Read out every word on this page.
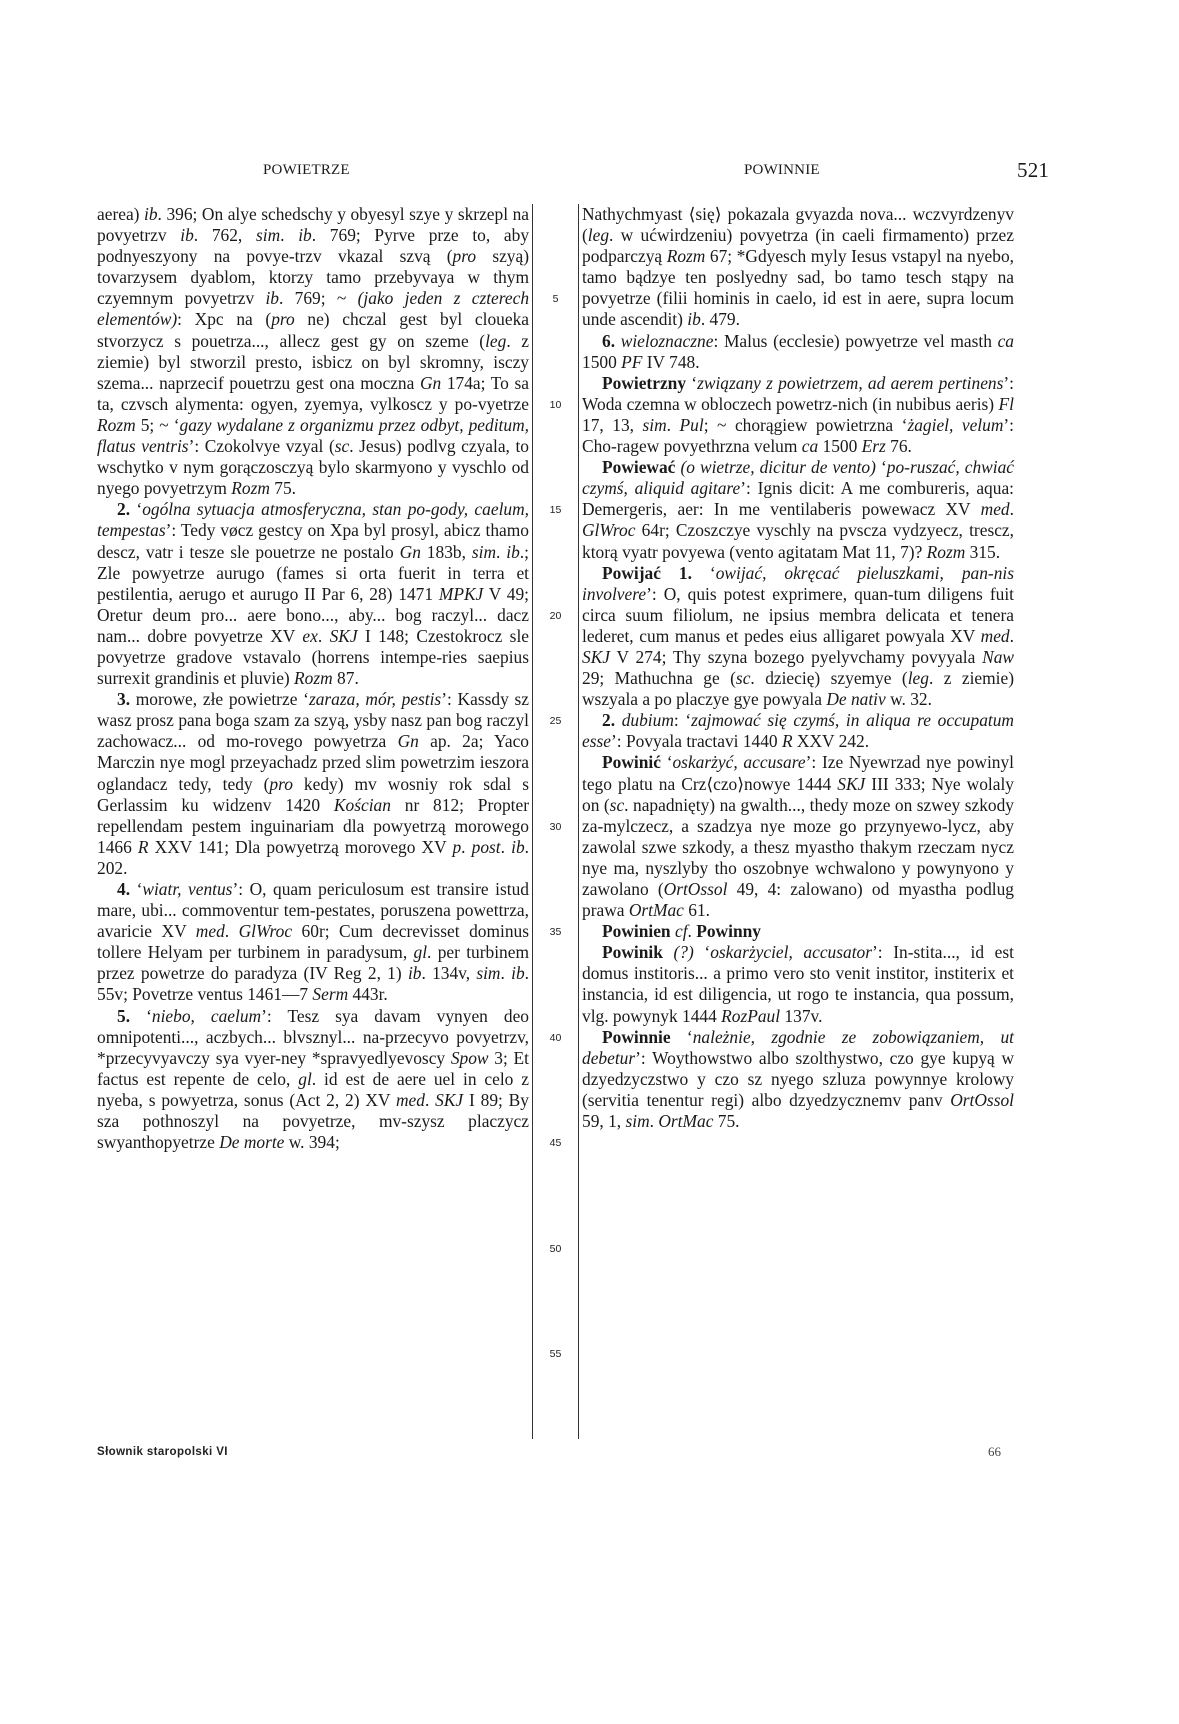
POWIETRZE	POWINNIE	521

aerea) ib. 396; On alye schedschy y obyesyl szye y skrzepl na povyetrzv ib. 762, sim. ib. 769; Pyrve prze to, aby podnyeszyony na povye-trzv vkazal szvą (pro szyą) tovarzysem dyablom, ktorzy tamo przebyvaya w thym czyemnym povyetrzv ib. 769; ~ (jako jeden z czterech elementów): Xpc na (pro ne) chczal gest byl cloueka stvorzycz s pouetrza..., allecz gest gy on szeme (leg. z ziemie) byl stworzil presto, isbicz on byl skromny, isczy szema... naprzecif pouetrzu gest ona moczna Gn 174a; To sa ta, czvsch alymenta: ogyen, zyemya, vylkoscz y po-vyetrze Rozm 5; ~ ‘gazy wydalane z organizmu przez odbyt, peditum, flatus ventris’: Czokolvye vzyal (sc. Jesus) podlvg czyala, to wschytko v nym gorączosczyą bylo skarmyono y vyschlo od nyego povyetrzym Rozm 75.

2. ‘ogólna sytuacja atmosferyczna, stan po-gody, caelum, tempestas’: Tedy vøcz gestcy on Xpa byl prosyl, abicz thamo descz, vatr i tesze sle pouetrze ne postalo Gn 183b, sim. ib.; Zle powyetrze aurugo (fames si orta fuerit in terra et pestilentia, aerugo et aurugo II Par 6, 28) 1471 MPKJ V 49; Oretur deum pro... aere bono..., aby... bog raczyl... dacz nam... dobre povyetrze XV ex. SKJ I 148; Czestokrocz sle povyetrze gradove vstavalo (horrens intempe-ries saepius surrexit grandinis et pluvie) Rozm 87.

3. morowe, złe powietrze ‘zaraza, mór, pestis’: Kassdy sz wasz prosz pana boga szam za szyą, ysby nasz pan bog raczyl zachowacz... od mo-rovego powyetrza Gn ap. 2a; Yaco Marczin nye mogl przeyachadz przed slim powetrzim ieszora oglandacz tedy, tedy (pro kedy) mv wosniy rok sdal s Gerlassim ku widzenv 1420 Kościan nr 812; Propter repellendam pestem inguinariam dla powyetrzą morowego 1466 R XXV 141; Dla powyetrzą morovego XV p. post. ib. 202.

4. ‘wiatr, ventus’: O, quam periculosum est transire istud mare, ubi... commoventur tem-pestates, poruszena powettrza, avaricie XV med. GlWroc 60r; Cum decrevisset dominus tollere Helyam per turbinem in paradysum, gl. per turbinem przez powetrze do paradyza (IV Reg 2, 1) ib. 134v, sim. ib. 55v; Povetrze ventus 1461—7 Serm 443r.

5. ‘niebo, caelum’: Tesz sya davam vynyen deo omnipotenti..., aczbych... blvsznyl... na-przecyvo povyetrzv, *przecyvyavczy sya vyer-ney *spravyedlyevoscy Spow 3; Et factus est repente de celo, gl. id est de aere uel in celo z nyeba, s powyetrza, sonus (Act 2, 2) XV med. SKJ I 89; By sza pothnoszyl na povyetrze, mv-szysz placzycz swyanthopyetrze De morte w. 394;

5
10
15
20
25
30
35
40
45
50
55

Nathychmyast ⟨się⟩ pokazala gvyazda nova... wczvyrdzenyv (leg. w ućwirdzeniu) povyetrza (in caeli firmamento) przez podparczyą Rozm 67; *Gdyesch myly Iesus vstapyl na nyebo, tamo bądzye ten poslyedny sad, bo tamo tesch stąpy na povyetrze (filii hominis in caelo, id est in aere, supra locum unde ascendit) ib. 479.

6. wieloznaczne: Malus (ecclesie) powyetrze vel masth ca 1500 PF IV 748.

Powietrzny ‘związany z powietrzem, ad aerem pertinens’: Woda czemna w obloczech powetrz-nich (in nubibus aeris) Fl 17, 13, sim. Pul; ~ chorągiew powietrzna ‘żagiel, velum’: Cho-ragew povyethrzna velum ca 1500 Erz 76.

Powiewać (o wietrze, dicitur de vento) ‘po-ruszać, chwiać czymś, aliquid agitare’: Ignis dicit: A me combureris, aqua: Demergeris, aer: In me ventilaberis powewacz XV med. GlWroc 64r; Czoszczye vyschly na pvscza vydzyecz, trescz, ktorą vyatr povyewa (vento agitatam Mat 11, 7)? Rozm 315.

Powijać 1. ‘owijać, okręcać pieluszkami, pan-nis involvere’: O, quis potest exprimere, quan-tum diligens fuit circa suum filiolum, ne ipsius membra delicata et tenera lederet, cum manus et pedes eius alligaret powyala XV med. SKJ V 274; Thy szyna bozego pyelyvchamy povyyala Naw 29; Mathuchna ge (sc. dziecię) szyemye (leg. z ziemie) wszyala a po placzye gye powyala De nativ w. 32.

2. dubium: ‘zajmować się czymś, in aliqua re occupatum esse’: Povyala tractavi 1440 R XXV 242.

Powinić ‘oskarżyć, accusare’: Ize Nyewrzad nye powinyl tego platu na Crz⟨czo⟩nowye 1444 SKJ III 333; Nye wolaly on (sc. napadnięty) na gwalth..., thedy moze on szwey szkody za-mylczecz, a szadzya nye moze go przynyewo-lycz, aby zawolal szwe szkody, a thesz myastho thakym rzeczam nycz nye ma, nyszlyby tho oszobnye wchwalono y powynyono y zawolano (OrtOssol 49, 4: zalowano) od myastha podlug prawa OrtMac 61.

Powinien cf. Powinny

Powinik (?) ‘oskarżyciel, accusator’: In-stita..., id est domus institoris... a primo vero sto venit institor, institerix et instancia, id est diligencia, ut rogo te instancia, qua possum, vlg. powynyk 1444 RozPaul 137v.

Powinnie ‘należnie, zgodnie ze zobowiązaniem, ut debetur’: Woythowstwo albo szolthystwo, czo gye kupyą w dzyedzyczstwo y czo sz nyego szluza powynnye krolowy (servitia tenentur regi) albo dzyedzycznemv panv OrtOssol 59, 1, sim. OrtMac 75.

Słownik staropolski VI	66
